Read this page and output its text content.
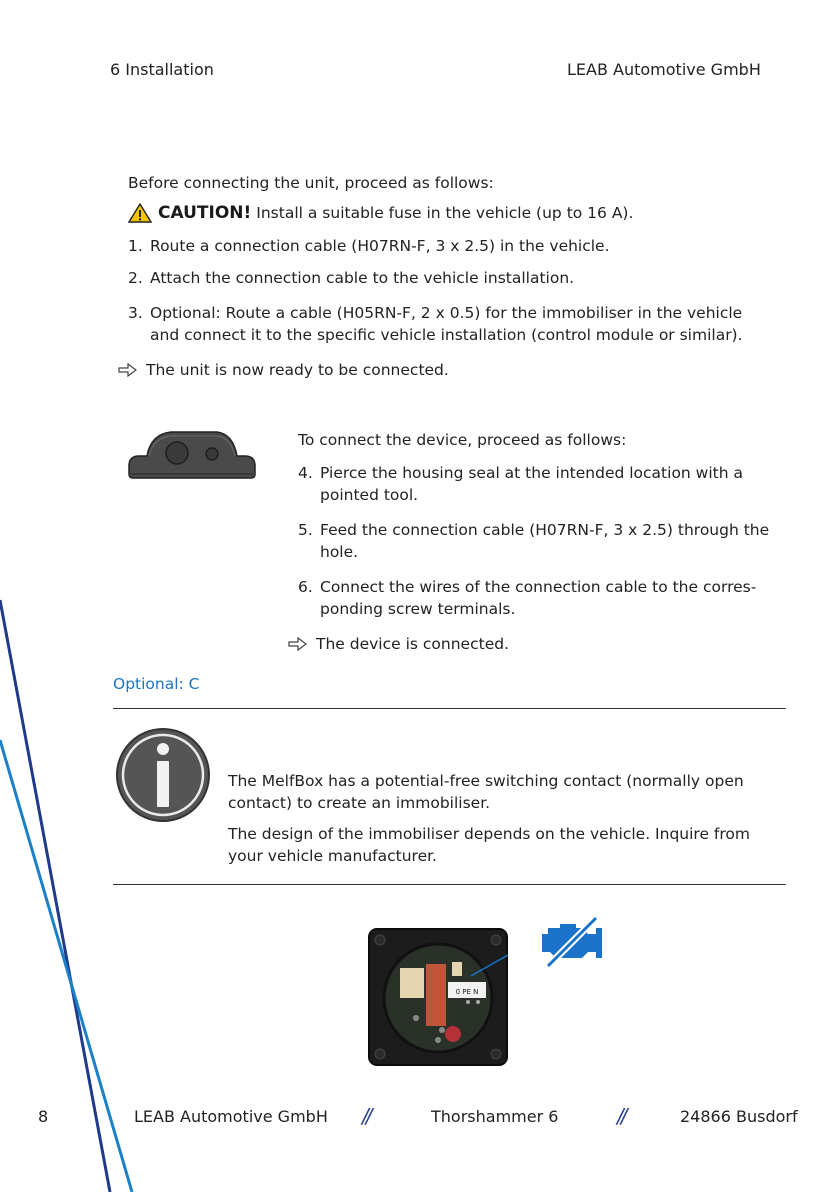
6 Installation	LEAB Automotive GmbH
Before connecting the unit, proceed as follows:
CAUTION! Install a suitable fuse in the vehicle (up to 16 A).
1. Route a connection cable (H07RN-F, 3 x 2.5) in the vehicle.
2. Attach the connection cable to the vehicle installation.
3. Optional: Route a cable (H05RN-F, 2 x 0.5) for the immobiliser in the vehicle
and connect it to the specific vehicle installation (control module or similar).
The unit is now ready to be connected.
To connect the device, proceed as follows:
4. Pierce the housing seal at the intended location with a
pointed tool.
5. Feed the connection cable (H07RN-F, 3 x 2.5) through the
hole.
6. Connect the wires of the connection cable to the corres-
ponding screw terminals.
The device is connected.
Optional: C
The MelfBox has a potential-free switching contact (normally open
contact) to create an immobiliser.
The design of the immobiliser depends on the vehicle. Inquire from
your vehicle manufacturer.
0 PE N
8	LEAB Automotive GmbH //	Thorshammer 6	//	24866 Busdorf
